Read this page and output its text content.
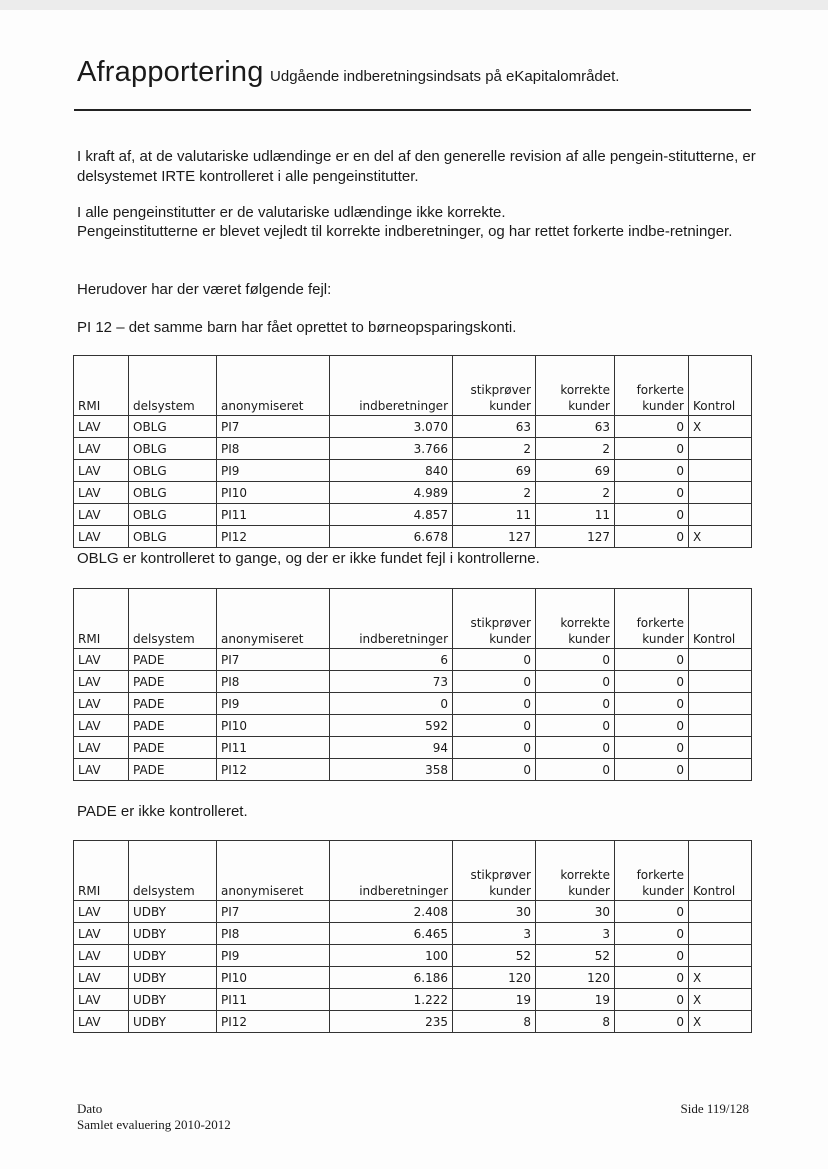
Afrapportering Udgående indberetningsindsats på eKapitalområdet.

I kraft af, at de valutariske udlændinge er en del af den generelle revision af alle pengein-stitutterne, er delsystemet IRTE kontrolleret i alle pengeinstitutter.

I alle pengeinstitutter er de valutariske udlændinge ikke korrekte.

Pengeinstitutterne er blevet vejledt til korrekte indberetninger, og har rettet forkerte indbe-retninger.

Herudover har der været følgende fejl:

PI 12 – det samme barn har fået oprettet to børneopsparingskonti.

RMI	delsystem	anonymiseret	indberetninger	stikprøver kunder	korrekte kunder	forkerte kunder	Kontrol
LAV	OBLG	PI7	3.070	63	63	0	X
LAV	OBLG	PI8	3.766	2	2	0	
LAV	OBLG	PI9	840	69	69	0	
LAV	OBLG	PI10	4.989	2	2	0	
LAV	OBLG	PI11	4.857	11	11	0	
LAV	OBLG	PI12	6.678	127	127	0	X
OBLG er kontrolleret to gange, og der er ikke fundet fejl i kontrollerne.
RMI	delsystem	anonymiseret	indberetninger	stikprøver kunder	korrekte kunder	forkerte kunder	Kontrol
LAV	PADE	PI7	6	0	0	0	
LAV	PADE	PI8	73	0	0	0	
LAV	PADE	PI9	0	0	0	0	
LAV	PADE	PI10	592	0	0	0	
LAV	PADE	PI11	94	0	0	0	
LAV	PADE	PI12	358	0	0	0	
PADE er ikke kontrolleret.
RMI	delsystem	anonymiseret	indberetninger	stikprøver kunder	korrekte kunder	forkerte kunder	Kontrol
LAV	UDBY	PI7	2.408	30	30	0	
LAV	UDBY	PI8	6.465	3	3	0	
LAV	UDBY	PI9	100	52	52	0	
LAV	UDBY	PI10	6.186	120	120	0	X
LAV	UDBY	PI11	1.222	19	19	0	X
LAV	UDBY	PI12	235	8	8	0	X
Dato
Samlet evaluering 2010-2012
Side 119/128
